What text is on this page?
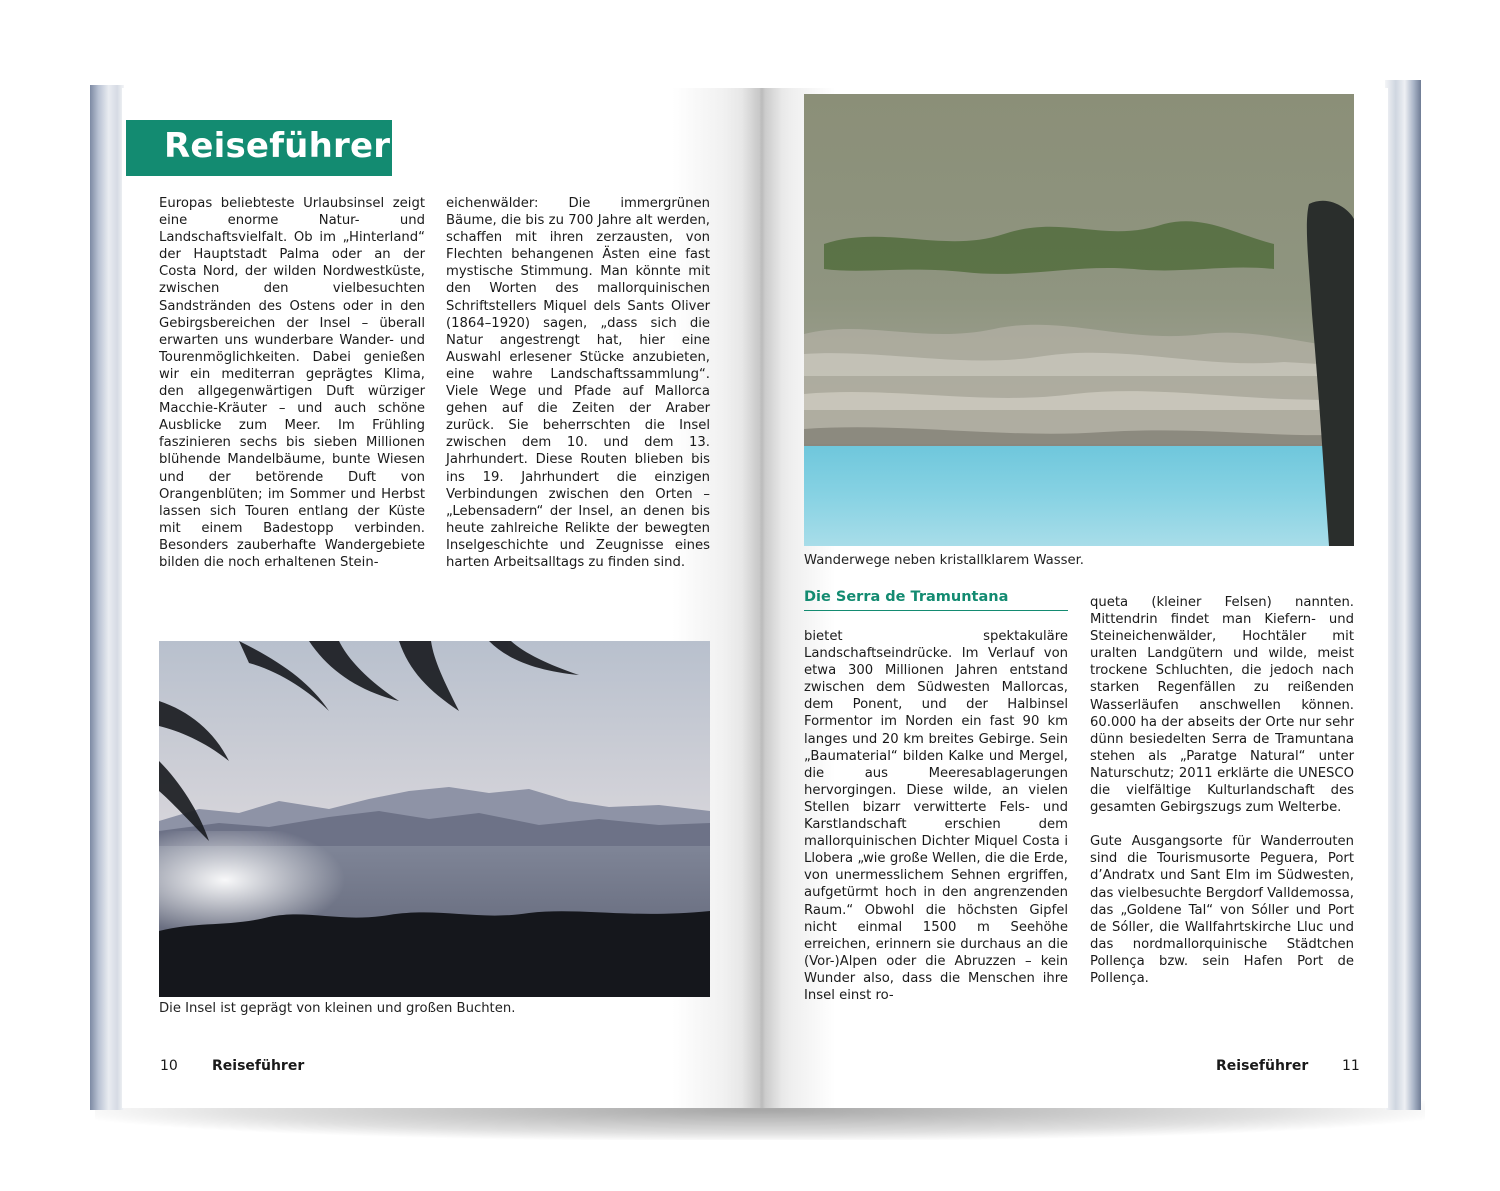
Reiseführer

Europas beliebteste Urlaubsinsel zeigt eine enorme Natur- und Landschaftsvielfalt. Ob im „Hinterland“ der Hauptstadt Palma oder an der Costa Nord, der wilden Nordwestküste, zwischen den vielbesuchten Sandstränden des Ostens oder in den Gebirgsbereichen der Insel – überall erwarten uns wunderbare Wander- und Tourenmöglichkeiten. Dabei genießen wir ein mediterran geprägtes Klima, den allgegenwärtigen Duft würziger Macchie-Kräuter – und auch schöne Ausblicke zum Meer. Im Frühling faszinieren sechs bis sieben Millionen blühende Mandelbäume, bunte Wiesen und der betörende Duft von Orangenblüten; im Sommer und Herbst lassen sich Touren entlang der Küste mit einem Badestopp verbinden. Besonders zauberhafte Wandergebiete bilden die noch erhaltenen Stein-

eichenwälder: Die immergrünen Bäume, die bis zu 700 Jahre alt werden, schaffen mit ihren zerzausten, von Flechten behangenen Ästen eine fast mystische Stimmung. Man könnte mit den Worten des mallorquinischen Schriftstellers Miquel dels Sants Oliver (1864–1920) sagen, „dass sich die Natur angestrengt hat, hier eine Auswahl erlesener Stücke anzubieten, eine wahre Landschaftssammlung“. Viele Wege und Pfade auf Mallorca gehen auf die Zeiten der Araber zurück. Sie beherrschten die Insel zwischen dem 10. und dem 13. Jahrhundert. Diese Routen blieben bis ins 19. Jahrhundert die einzigen Verbindungen zwischen den Orten – „Lebensadern“ der Insel, an denen bis heute zahlreiche Relikte der bewegten Inselgeschichte und Zeugnisse eines harten Arbeitsalltags zu finden sind.

Die Insel ist geprägt von kleinen und großen Buchten.

10 Reiseführer

Wanderwege neben kristallklarem Wasser.

Die Serra de Tramuntana

bietet spektakuläre Landschaftseindrücke. Im Verlauf von etwa 300 Millionen Jahren entstand zwischen dem Südwesten Mallorcas, dem Ponent, und der Halbinsel Formentor im Norden ein fast 90 km langes und 20 km breites Gebirge. Sein „Baumaterial“ bilden Kalke und Mergel, die aus Meeresablagerungen hervorgingen. Diese wilde, an vielen Stellen bizarr verwitterte Fels- und Karstlandschaft erschien dem mallorquinischen Dichter Miquel Costa i Llobera „wie große Wellen, die die Erde, von unermesslichem Sehnen ergriffen, aufgetürmt hoch in den angrenzenden Raum.“ Obwohl die höchsten Gipfel nicht einmal 1500 m Seehöhe erreichen, erinnern sie durchaus an die (Vor-)Alpen oder die Abruzzen – kein Wunder also, dass die Menschen ihre Insel einst ro-

queta (kleiner Felsen) nannten. Mittendrin findet man Kiefern- und Steineichenwälder, Hochtäler mit uralten Landgütern und wilde, meist trockene Schluchten, die jedoch nach starken Regenfällen zu reißenden Wasserläufen anschwellen können. 60.000 ha der abseits der Orte nur sehr dünn besiedelten Serra de Tramuntana stehen als „Paratge Natural“ unter Naturschutz; 2011 erklärte die UNESCO die vielfältige Kulturlandschaft des gesamten Gebirgszugs zum Welterbe.

Gute Ausgangsorte für Wanderrouten sind die Tourismusorte Peguera, Port d’Andratx und Sant Elm im Südwesten, das vielbesuchte Bergdorf Valldemossa, das „Goldene Tal“ von Sóller und Port de Sóller, die Wallfahrtskirche Lluc und das nordmallorquinische Städtchen Pollença bzw. sein Hafen Port de Pollença.

Reiseführer 11
